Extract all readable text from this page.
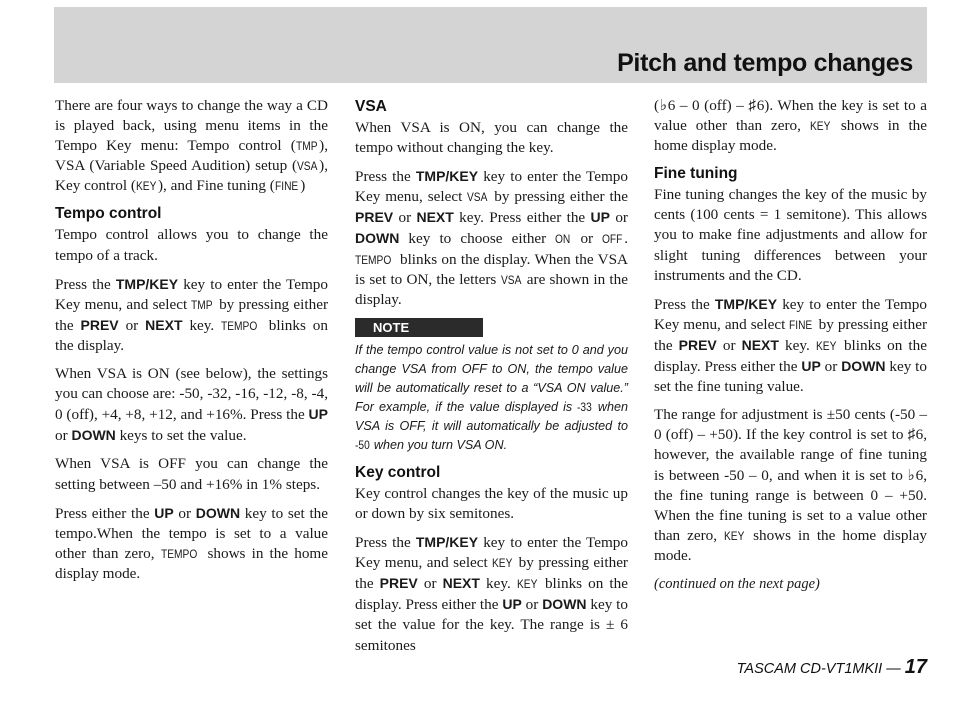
Pitch and tempo changes

There are four ways to change the way a CD is played back, using menu items in the Tempo Key menu: Tempo control (TMP ), VSA (Variable Speed Audition) setup (VSA ), Key control (KEY ), and Fine tuning (FINE )

Tempo control

Tempo control allows you to change the tempo of a track.

Press the TMP/KEY key to enter the Tempo Key menu, and select TMP by pressing either the PREV or NEXT key. TEMPO blinks on the display.

When VSA is ON (see below), the settings you can choose are: -50, -32, -16, -12, -8, -4, 0 (off), +4, +8, +12, and +16%. Press the UP or DOWN keys to set the value.

When VSA is OFF you can change the setting between –50 and +16% in 1% steps.

Press either the UP or DOWN key to set the tempo.When the tempo is set to a value other than zero, TEMPO shows in the home display mode.

VSA

When VSA is ON, you can change the tempo without changing the key.

Press the TMP/KEY key to enter the Tempo Key menu, select VSA by pressing either the PREV or NEXT key. Press either the UP or DOWN key to choose either ON or OFF . TEMPO blinks on the display. When the VSA is set to ON, the letters VSA are shown in the display.

NOTE

If the tempo control value is not set to 0 and you change VSA from OFF to ON, the tempo value will be automatically reset to a “VSA ON value.” For example, if the value displayed is -33 when VSA is OFF, it will automatically be adjusted to -50 when you turn VSA ON.

Key control

Key control changes the key of the music up or down by six semitones.

Press the TMP/KEY key to enter the Tempo Key menu, and select KEY by pressing either the PREV or NEXT key. KEY blinks on the display. Press either the UP or DOWN key to set the value for the key. The range is ± 6 semitones

(♭6 – 0 (off) – ♯6). When the key is set to a value other than zero, KEY shows in the home display mode.

Fine tuning

Fine tuning changes the key of the music by cents (100 cents = 1 semitone). This allows you to make fine adjustments and allow for slight tuning differences between your instruments and the CD.

Press the TMP/KEY key to enter the Tempo Key menu, and select FINE by pressing either the PREV or NEXT key. KEY blinks on the display. Press either the UP or DOWN key to set the fine tuning value.

The range for adjustment is ±50 cents (-50 – 0 (off) – +50). If the key control is set to ♯6, however, the available range of fine tuning is between -50 – 0, and when it is set to ♭6, the fine tuning range is between 0 – +50. When the fine tuning is set to a value other than zero, KEY shows in the home display mode.

(continued on the next page)

TASCAM CD-VT1MKII — 17
